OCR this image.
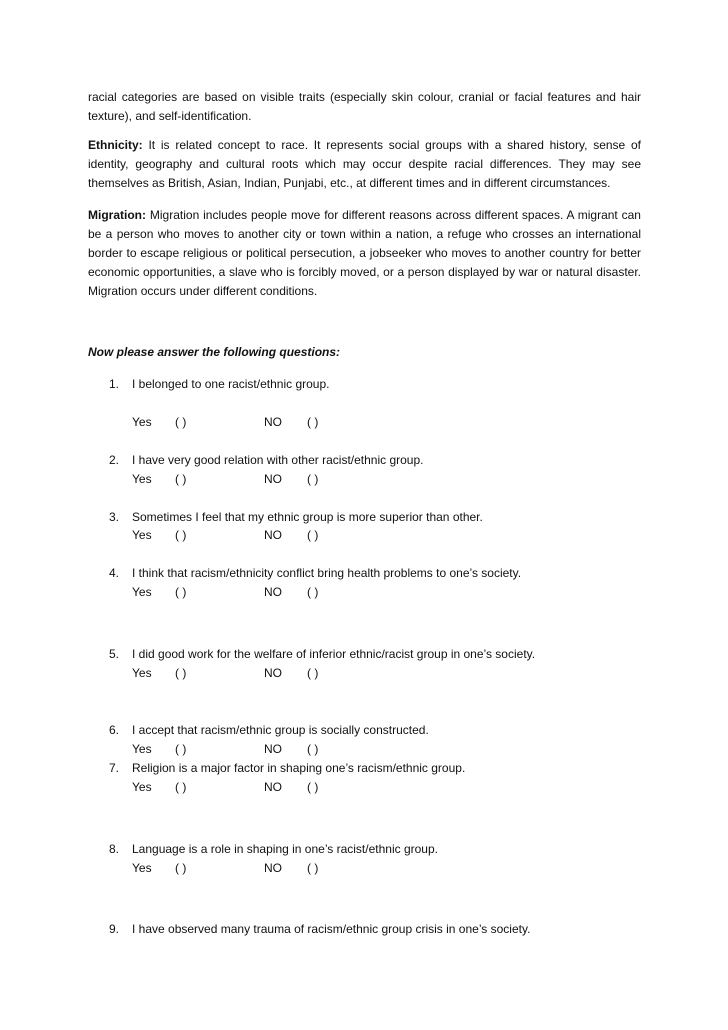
racial categories are based on visible traits (especially skin colour, cranial or facial features and hair texture), and self-identification.

Ethnicity: It is related concept to race. It represents social groups with a shared history, sense of identity, geography and cultural roots which may occur despite racial differences. They may see themselves as British, Asian, Indian, Punjabi, etc., at different times and in different circumstances.

Migration: Migration includes people move for different reasons across different spaces. A migrant can be a person who moves to another city or town within a nation, a refuge who crosses an international border to escape religious or political persecution, a jobseeker who moves to another country for better economic opportunities, a slave who is forcibly moved, or a person displayed by war or natural disaster. Migration occurs under different conditions.

Now please answer the following questions:

1. I belonged to one racist/ethnic group.
Yes ( )	NO ( )
2. I have very good relation with other racist/ethnic group.
Yes ( )	NO ( )
3. Sometimes I feel that my ethnic group is more superior than other.
Yes ( )	NO ( )
4. I think that racism/ethnicity conflict bring health problems to one’s society.
Yes ( )	NO ( )
5. I did good work for the welfare of inferior ethnic/racist group in one’s society.
Yes ( )	NO ( )
6. I accept that racism/ethnic group is socially constructed.
Yes ( )	NO ( )
7. Religion is a major factor in shaping one’s racism/ethnic group.
Yes ( )	NO ( )
8. Language is a role in shaping in one’s racist/ethnic group.
Yes ( )	NO ( )
9. I have observed many trauma of racism/ethnic group crisis in one’s society.
